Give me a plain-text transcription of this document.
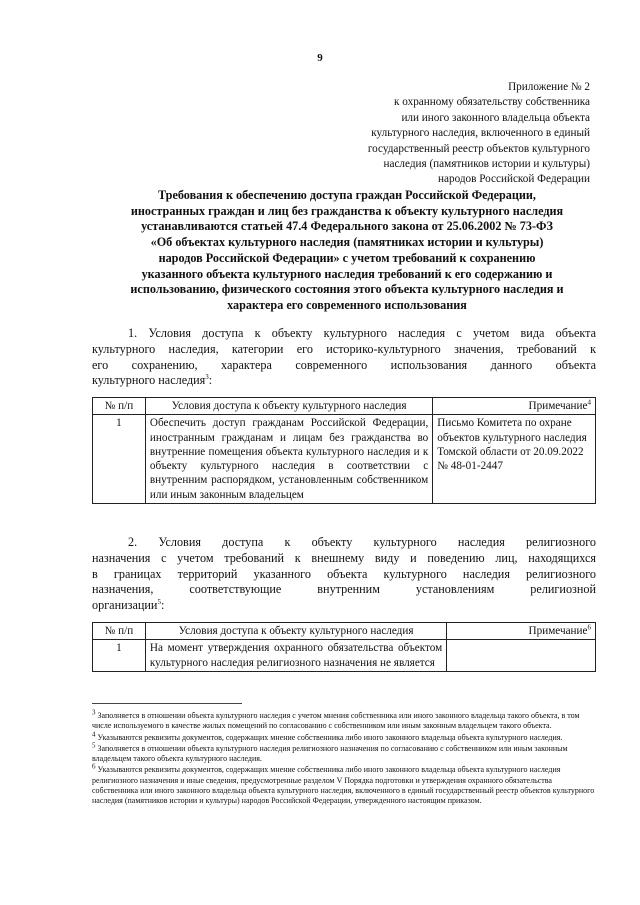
9
Приложение № 2
к охранному обязательству собственника
или иного законного владельца объекта
культурного наследия, включенного в единый
государственный реестр объектов культурного
наследия (памятников истории и культуры)
народов Российской Федерации
Требования к обеспечению доступа граждан Российской Федерации,
иностранных граждан и лиц без гражданства к объекту культурного наследия
устанавливаются статьей 47.4 Федерального закона от 25.06.2002 № 73-ФЗ
«Об объектах культурного наследия (памятниках истории и культуры)
народов Российской Федерации» с учетом требований к сохранению
указанного объекта культурного наследия требований к его содержанию и
использованию, физического состояния этого объекта культурного наследия и
характера его современного использования
1. Условия доступа к объекту культурного наследия с учетом вида объекта
культурного наследия, категории его историко-культурного значения, требований к
его сохранению, характера современного использования данного объекта
культурного наследия$^3$:
№ п/п	Условия доступа к объекту культурного наследия	Примечание$^4$
1	Обеспечить доступ гражданам Российской Федерации, иностранным гражданам и лицам без гражданства во внутренние помещения объекта культурного наследия и к объекту культурного наследия в соответствии с внутренним распорядком, установленным собственником или иным законным владельцем	Письмо Комитета по охране объектов культурного наследия Томской области от 20.09.2022 № 48-01-2447
2. Условия доступа к объекту культурного наследия религиозного
назначения с учетом требований к внешнему виду и поведению лиц, находящихся
в границах территорий указанного объекта культурного наследия религиозного
назначения, соответствующие внутренним установлениям религиозной
организации$^5$:
№ п/п	Условия доступа к объекту культурного наследия	Примечание$^6$
1	На момент утверждения охранного обязательства объектом культурного наследия религиозного назначения не является	

3 Заполняется в отношении объекта культурного наследия с учетом мнения собственника или иного законного владельца такого объекта, в том числе используемого в качестве жилых помещений по согласованию с собственником или иным законным владельцем такого объекта.

4 Указываются реквизиты документов, содержащих мнение собственника либо иного законного владельца объекта культурного наследия.

5 Заполняется в отношении объекта культурного наследия религиозного назначения по согласованию с собственником или иным законным владельцем такого объекта культурного наследия.

6 Указываются реквизиты документов, содержащих мнение собственника либо иного законного владельца объекта культурного наследия религиозного назначения и иные сведения, предусмотренные разделом V Порядка подготовки и утверждения охранного обязательства собственника или иного законного владельца объекта культурного наследия, включенного в единый государственный реестр объектов культурного наследия (памятников истории и культуры) народов Российской Федерации, утвержденного настоящим приказом.
